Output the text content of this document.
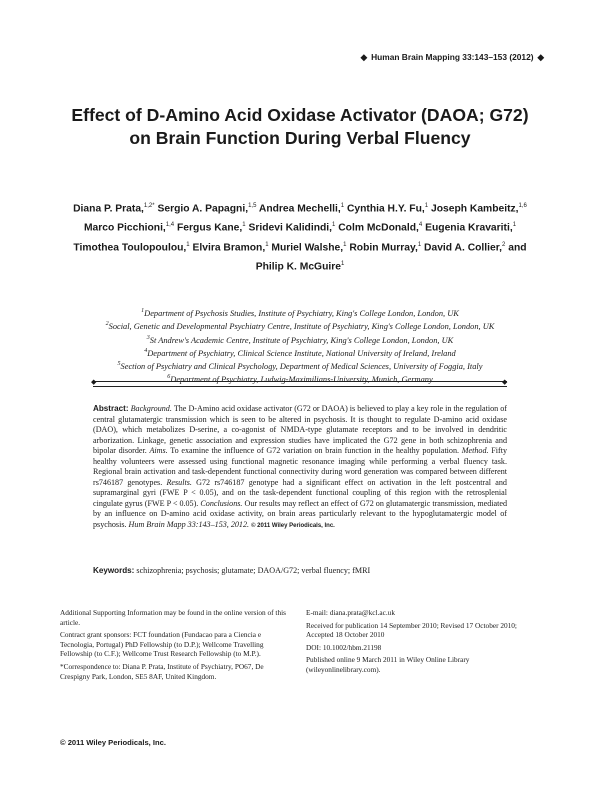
◆ Human Brain Mapping 33:143–153 (2012) ◆
Effect of D-Amino Acid Oxidase Activator (DAOA; G72) on Brain Function During Verbal Fluency
Diana P. Prata,$^{1,2*}$ Sergio A. Papagni,$^{1,5}$ Andrea Mechelli,$^1$ Cynthia H.Y. Fu,$^1$ Joseph Kambeitz,$^{1,6}$ Marco Picchioni,$^{1,4}$ Fergus Kane,$^1$ Sridevi Kalidindi,$^1$ Colm McDonald,$^4$ Eugenia Kravariti,$^1$ Timothea Toulopoulou,$^1$ Elvira Bramon,$^1$ Muriel Walshe,$^1$ Robin Murray,$^1$ David A. Collier,$^2$ and Philip K. McGuire$^1$
$^1$Department of Psychosis Studies, Institute of Psychiatry, King's College London, London, UK
$^2$Social, Genetic and Developmental Psychiatry Centre, Institute of Psychiatry, King's College London, London, UK
$^3$St Andrew's Academic Centre, Institute of Psychiatry, King's College London, London, UK
$^4$Department of Psychiatry, Clinical Science Institute, National University of Ireland, Ireland
$^5$Section of Psychiatry and Clinical Psychology, Department of Medical Sciences, University of Foggia, Italy
$^6$Department of Psychiatry, Ludwig-Maximilians-University, Munich, Germany
◆	◆
Abstract: Background. The D-Amino acid oxidase activator (G72 or DAOA) is believed to play a key role in the regulation of central glutamatergic transmission which is seen to be altered in psychosis. It is thought to regulate D-amino acid oxidase (DAO), which metabolizes D-serine, a co-agonist of NMDA-type glutamate receptors and to be involved in dendritic arborization. Linkage, genetic association and expression studies have implicated the G72 gene in both schizophrenia and bipolar disorder. Aims. To examine the influence of G72 variation on brain function in the healthy population. Method. Fifty healthy volunteers were assessed using functional magnetic resonance imaging while performing a verbal fluency task. Regional brain activation and task-dependent functional connectivity during word generation was compared between different rs746187 genotypes. Results. G72 rs746187 genotype had a significant effect on activation in the left postcentral and supramarginal gyri (FWE P < 0.05), and on the task-dependent functional coupling of this region with the retrosplenial cingulate gyrus (FWE P < 0.05). Conclusions. Our results may reflect an effect of G72 on glutamatergic transmission, mediated by an influence on D-amino acid oxidase activity, on brain areas particularly relevant to the hypoglutamatergic model of psychosis. Hum Brain Mapp 33:143–153, 2012. © 2011 Wiley Periodicals, Inc.
Keywords: schizophrenia; psychosis; glutamate; DAOA/G72; verbal fluency; fMRI

Additional Supporting Information may be found in the online version of this article.

Contract grant sponsors: FCT foundation (Fundacao para a Ciencia e Tecnologia, Portugal) PhD Fellowship (to D.P.); Wellcome Travelling Fellowship (to C.F.); Wellcome Trust Research Fellowship (to M.P.).

*Correspondence to: Diana P. Prata, Institute of Psychiatry, PO67, De Crespigny Park, London, SE5 8AF, United Kingdom.

E-mail: diana.prata@kcl.ac.uk

Received for publication 14 September 2010; Revised 17 October 2010; Accepted 18 October 2010

DOI: 10.1002/hbm.21198

Published online 9 March 2011 in Wiley Online Library (wileyonlinelibrary.com).

© 2011 Wiley Periodicals, Inc.
